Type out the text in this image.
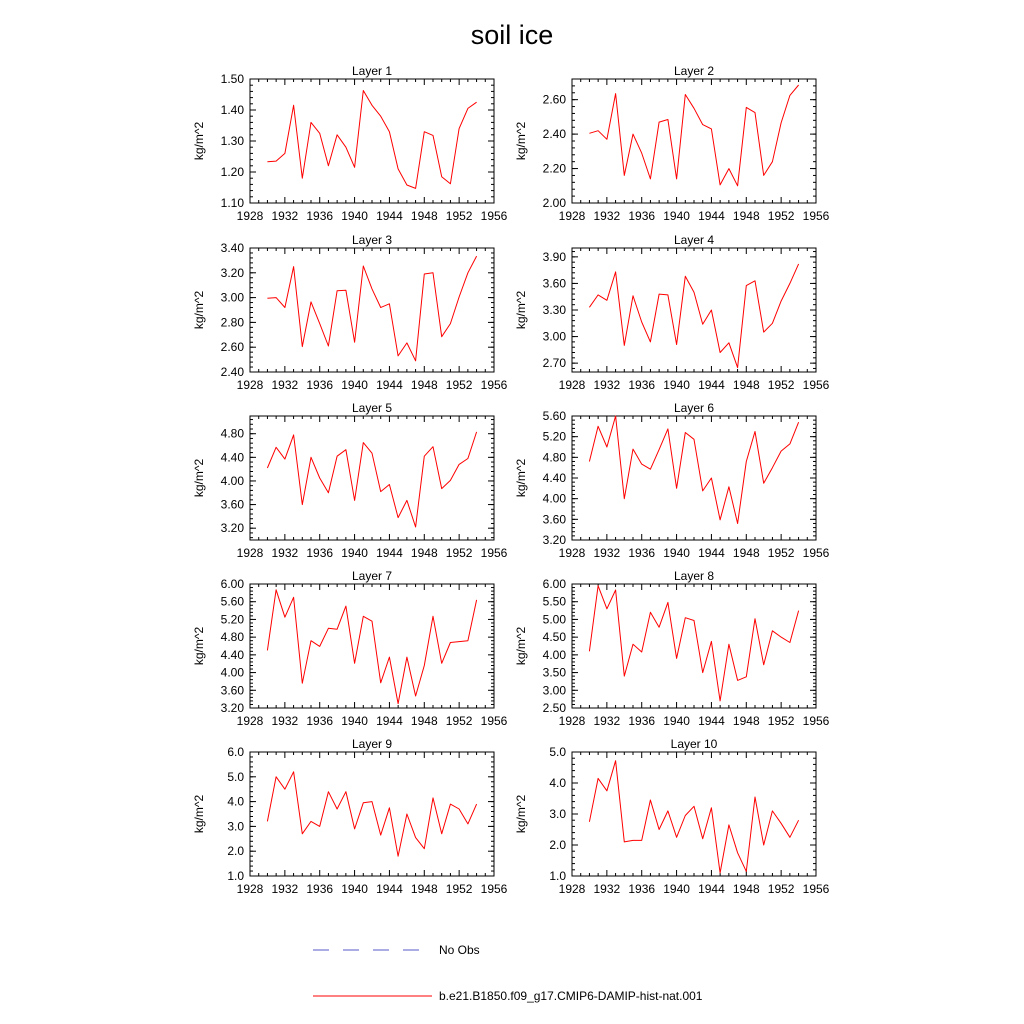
soil ice
Layer 1
1928 1932 1936 1940 1944 1948 1952 1956
1.10
1.20
1.30
1.40
1.50
kg/m^2
Layer 2
1928 1932 1936 1940 1944 1948 1952 1956
2.00
2.20
2.40
2.60
kg/m^2
Layer 3
1928 1932 1936 1940 1944 1948 1952 1956
2.40
2.60
2.80
3.00
3.20
3.40
kg/m^2
Layer 4
1928 1932 1936 1940 1944 1948 1952 1956
2.70
3.00
3.30
3.60
3.90
kg/m^2
Layer 5
1928 1932 1936 1940 1944 1948 1952 1956
3.20
3.60
4.00
4.40
4.80
kg/m^2
Layer 6
1928 1932 1936 1940 1944 1948 1952 1956
3.20
3.60
4.00
4.40
4.80
5.20
5.60
kg/m^2
Layer 7
1928 1932 1936 1940 1944 1948 1952 1956
3.20
3.60
4.00
4.40
4.80
5.20
5.60
6.00
kg/m^2
Layer 8
1928 1932 1936 1940 1944 1948 1952 1956
2.50
3.00
3.50
4.00
4.50
5.00
5.50
6.00
kg/m^2
Layer 9
1928 1932 1936 1940 1944 1948 1952 1956
1.0
2.0
3.0
4.0
5.0
6.0
kg/m^2
Layer 10
1928 1932 1936 1940 1944 1948 1952 1956
1.0
2.0
3.0
4.0
5.0
kg/m^2
No Obs
b.e21.B1850.f09_g17.CMIP6-DAMIP-hist-nat.001
